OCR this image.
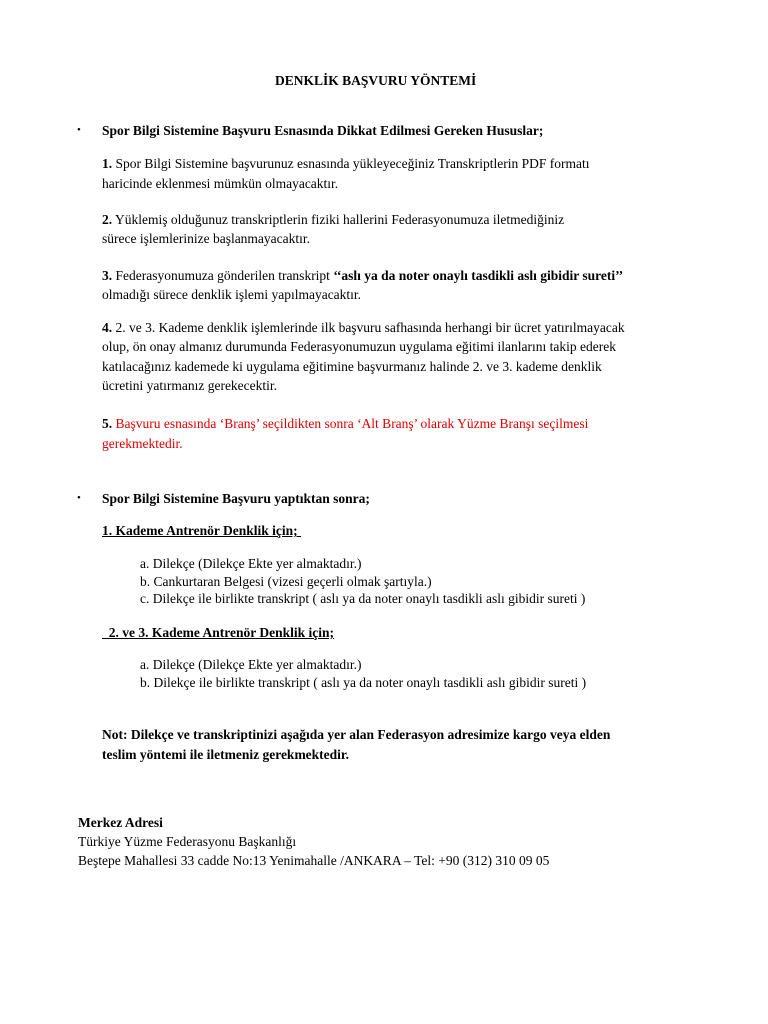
DENKLİK BAŞVURU YÖNTEMİ
• Spor Bilgi Sistemine Başvuru Esnasında Dikkat Edilmesi Gereken Hususlar;
1. Spor Bilgi Sistemine başvurunuz esnasında yükleyeceğiniz Transkriptlerin PDF formatı
haricinde eklenmesi mümkün olmayacaktır.
2. Yüklemiş olduğunuz transkriptlerin fiziki hallerini Federasyonumuza iletmediğiniz
sürece işlemlerinize başlanmayacaktır.
3. Federasyonumuza gönderilen transkript ‘‘aslı ya da noter onaylı tasdikli aslı gibidir sureti’’
olmadığı sürece denklik işlemi yapılmayacaktır.
4. 2. ve 3. Kademe denklik işlemlerinde ilk başvuru safhasında herhangi bir ücret yatırılmayacak
olup, ön onay almanız durumunda Federasyonumuzun uygulama eğitimi ilanlarını takip ederek
katılacağınız kademede ki uygulama eğitimine başvurmanız halinde 2. ve 3. kademe denklik
ücretini yatırmanız gerekecektir.
5. Başvuru esnasında ‘Branş’ seçildikten sonra ‘Alt Branş’ olarak Yüzme Branşı seçilmesi
gerekmektedir.
• Spor Bilgi Sistemine Başvuru yaptıktan sonra;
1. Kademe Antrenör Denklik için;
a. Dilekçe (Dilekçe Ekte yer almaktadır.)
b. Cankurtaran Belgesi (vizesi geçerli olmak şartıyla.)
c. Dilekçe ile birlikte transkript ( aslı ya da noter onaylı tasdikli aslı gibidir sureti )
2. ve 3. Kademe Antrenör Denklik için;
a. Dilekçe (Dilekçe Ekte yer almaktadır.)
b. Dilekçe ile birlikte transkript ( aslı ya da noter onaylı tasdikli aslı gibidir sureti )
Not: Dilekçe ve transkriptinizi aşağıda yer alan Federasyon adresimize kargo veya elden
teslim yöntemi ile iletmeniz gerekmektedir.
Merkez Adresi
Türkiye Yüzme Federasyonu Başkanlığı
Beştepe Mahallesi 33 cadde No:13 Yenimahalle /ANKARA – Tel: +90 (312) 310 09 05
